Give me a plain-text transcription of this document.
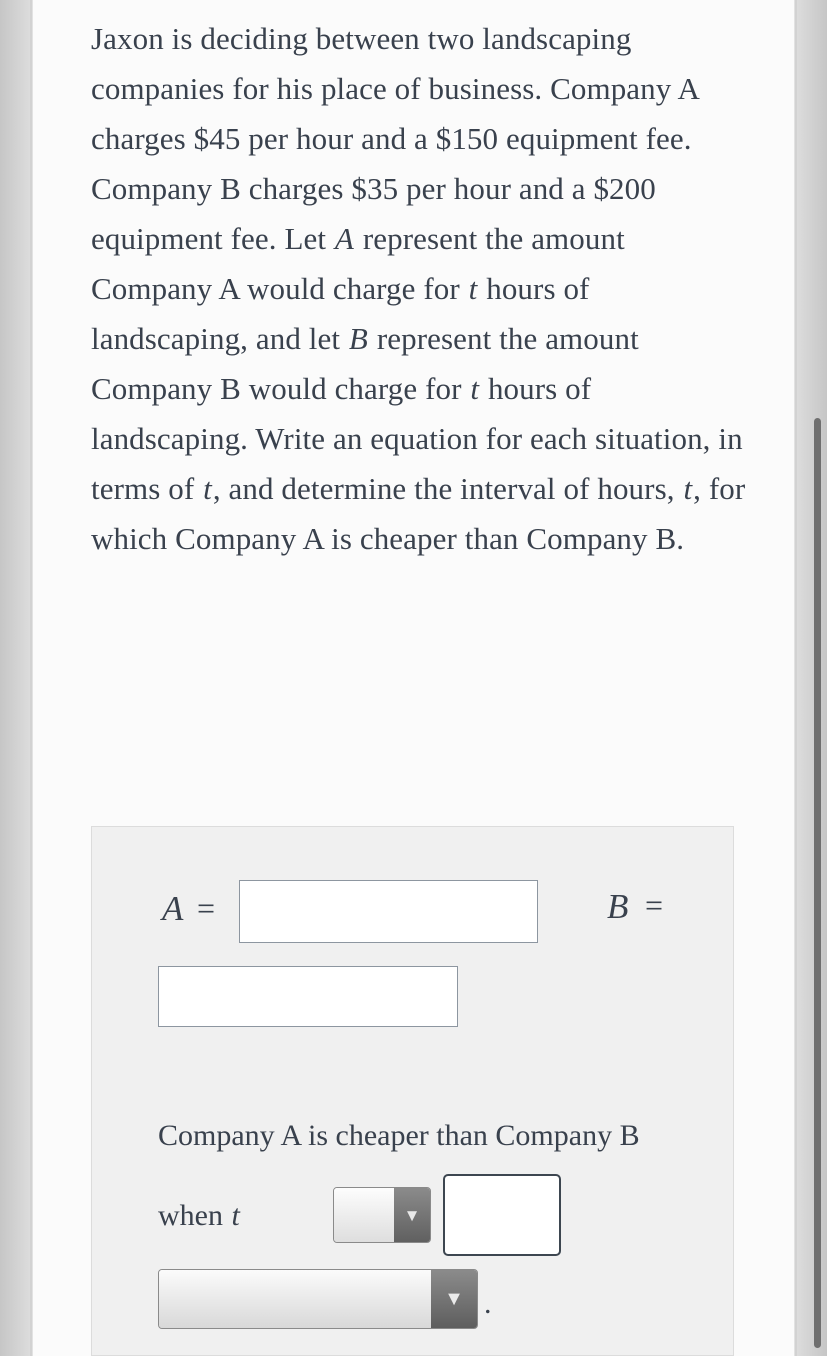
Jaxon is deciding between two landscaping companies for his place of business. Company A charges $45 per hour and a $150 equipment fee. Company B charges $35 per hour and a $200 equipment fee. Let A represent the amount Company A would charge for t hours of landscaping, and let B represent the amount Company B would charge for t hours of landscaping. Write an equation for each situation, in terms of t, and determine the interval of hours, t, for which Company A is cheaper than Company B.
A =	B =
Company A is cheaper than Company B
when t	▼
▼ .
